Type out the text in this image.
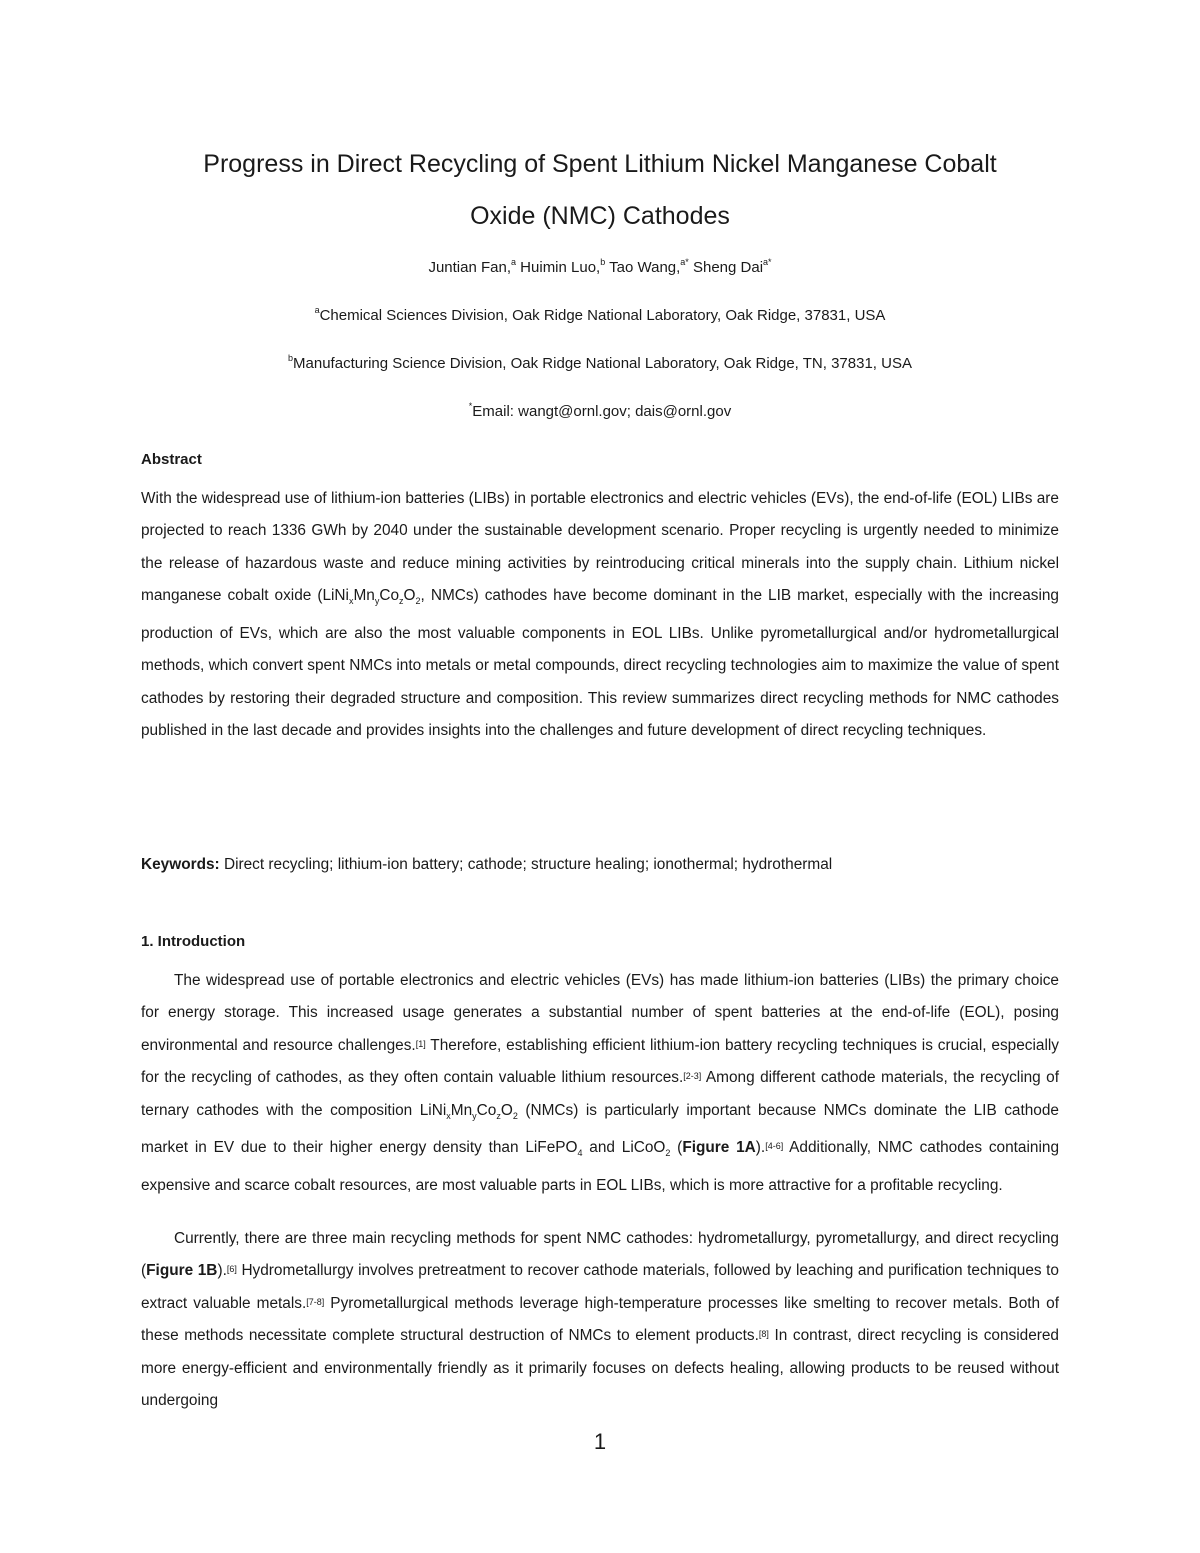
Progress in Direct Recycling of Spent Lithium Nickel Manganese Cobalt
Oxide (NMC) Cathodes

Juntian Fan,$^a$ Huimin Luo,$^b$ Tao Wang,$^{a*}$ Sheng Dai$^{a*}$

$^a$Chemical Sciences Division, Oak Ridge National Laboratory, Oak Ridge, 37831, USA

$^b$Manufacturing Science Division, Oak Ridge National Laboratory, Oak Ridge, TN, 37831, USA

*Email: wangt@ornl.gov; dais@ornl.gov

Abstract

With the widespread use of lithium-ion batteries (LIBs) in portable electronics and electric vehicles (EVs), the end-of-life (EOL) LIBs are projected to reach 1336 GWh by 2040 under the sustainable development scenario. Proper recycling is urgently needed to minimize the release of hazardous waste and reduce mining activities by reintroducing critical minerals into the supply chain. Lithium nickel manganese cobalt oxide ($LiNi_xMn_yCo_zO_2$, NMCs) cathodes have become dominant in the LIB market, especially with the increasing production of EVs, which are also the most valuable components in EOL LIBs. Unlike pyrometallurgical and/or hydrometallurgical methods, which convert spent NMCs into metals or metal compounds, direct recycling technologies aim to maximize the value of spent cathodes by restoring their degraded structure and composition. This review summarizes direct recycling methods for NMC cathodes published in the last decade and provides insights into the challenges and future development of direct recycling techniques.

Keywords: Direct recycling; lithium-ion battery; cathode; structure healing; ionothermal; hydrothermal

1. Introduction

The widespread use of portable electronics and electric vehicles (EVs) has made lithium-ion batteries (LIBs) the primary choice for energy storage. This increased usage generates a substantial number of spent batteries at the end-of-life (EOL), posing environmental and resource challenges.[1] Therefore, establishing efficient lithium-ion battery recycling techniques is crucial, especially for the recycling of cathodes, as they often contain valuable lithium resources.[2-3] Among different cathode materials, the recycling of ternary cathodes with the composition $LiNi_xMn_yCo_zO_2$ (NMCs) is particularly important because NMCs dominate the LIB cathode market in EV due to their higher energy density than LiFePO$_4$ and LiCoO$_2$ (Figure 1A).[4-6] Additionally, NMC cathodes containing expensive and scarce cobalt resources, are most valuable parts in EOL LIBs, which is more attractive for a profitable recycling.

Currently, there are three main recycling methods for spent NMC cathodes: hydrometallurgy, pyrometallurgy, and direct recycling (Figure 1B).[6] Hydrometallurgy involves pretreatment to recover cathode materials, followed by leaching and purification techniques to extract valuable metals.[7-8] Pyrometallurgical methods leverage high-temperature processes like smelting to recover metals. Both of these methods necessitate complete structural destruction of NMCs to element products.[8] In contrast, direct recycling is considered more energy-efficient and environmentally friendly as it primarily focuses on defects healing, allowing products to be reused without undergoing

1
